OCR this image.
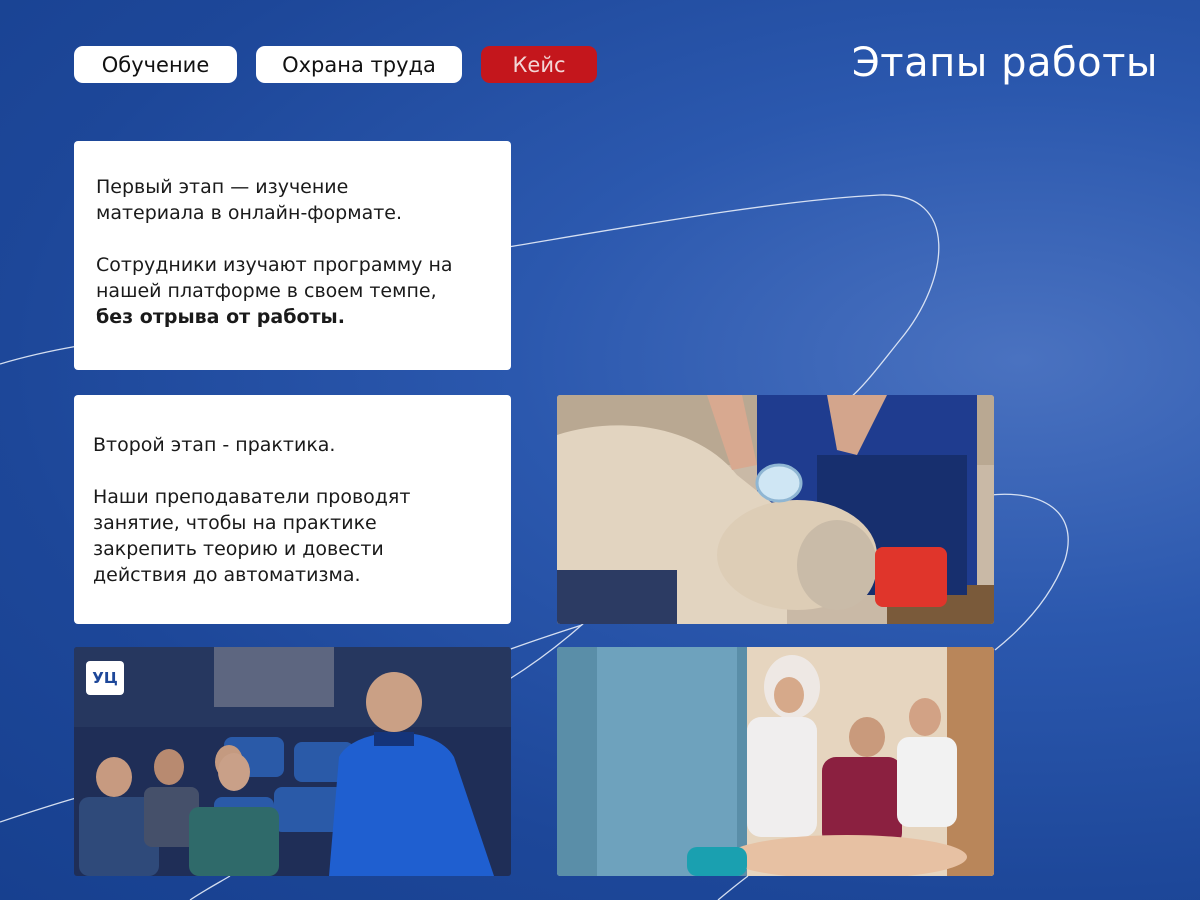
Обучение	Охрана труда	Кейс	Этапы работы

Первый этап — изучение
материала в онлайн-формате.

Сотрудники изучают программу на
нашей платформе в своем темпе,
без отрыва от работы.

Второй этап - практика.

Наши преподаватели проводят
занятие, чтобы на практике
закрепить теорию и довести
действия до автоматизма.

УЦ
